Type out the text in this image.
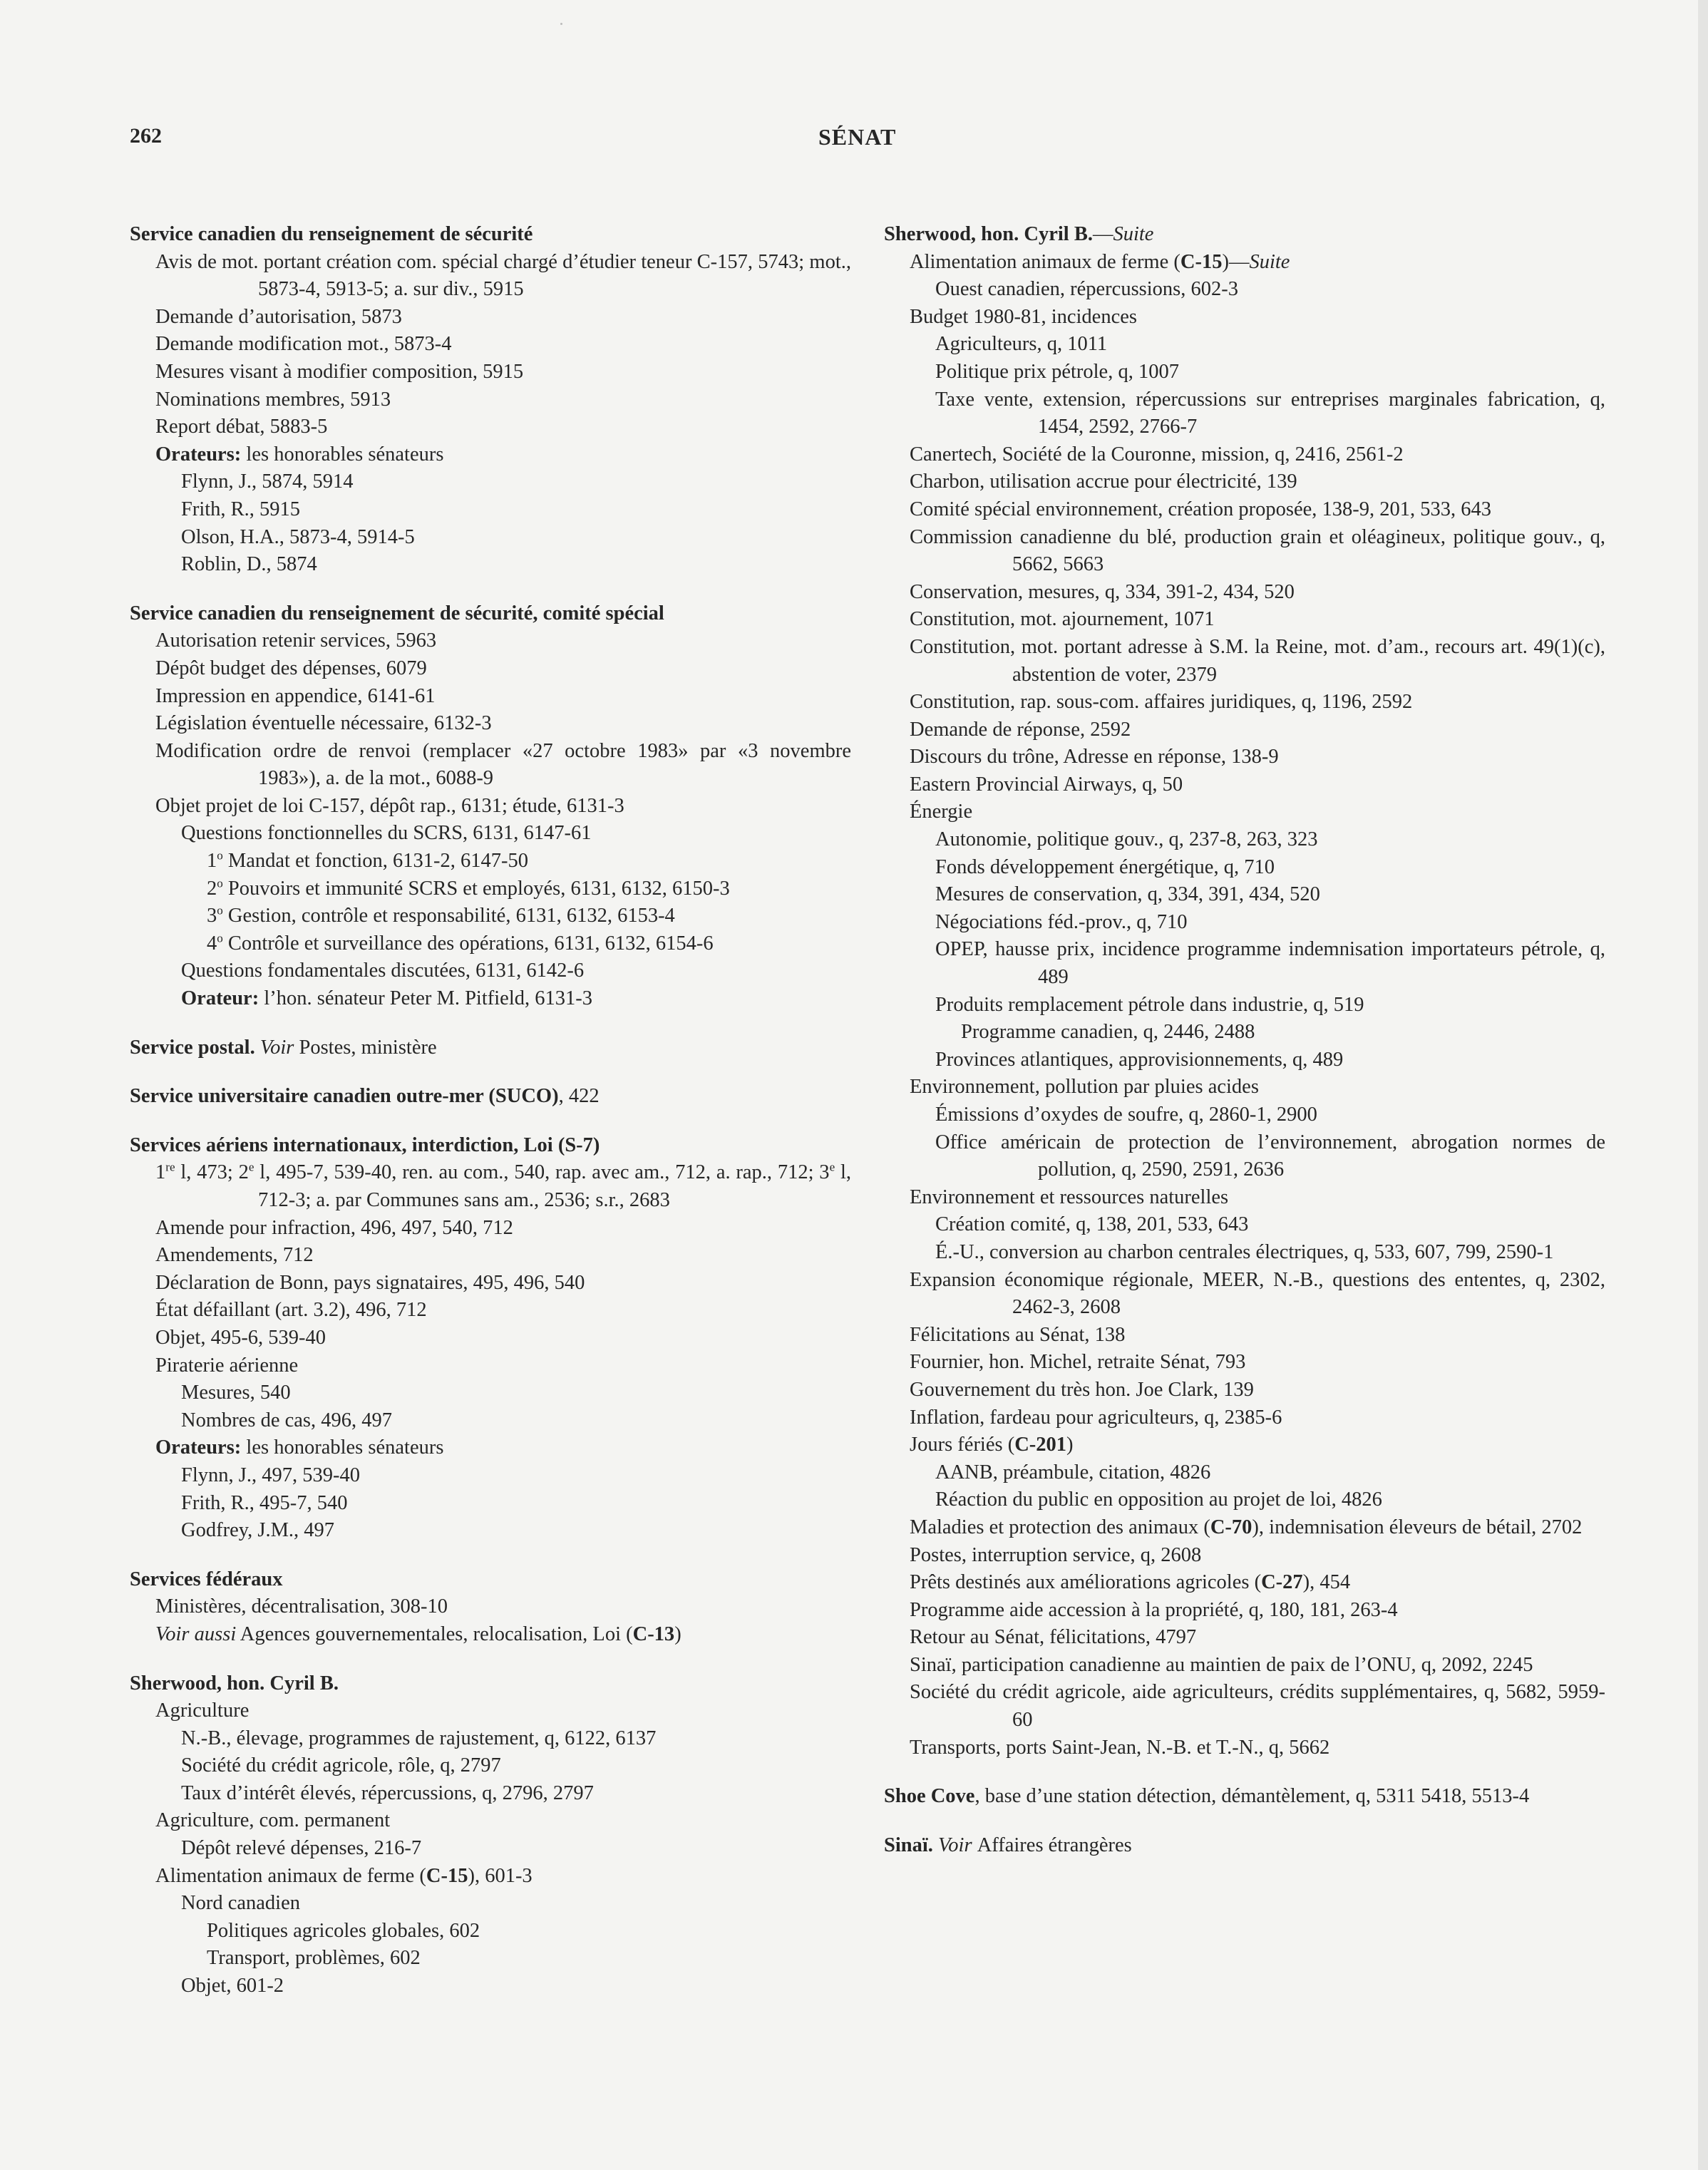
262	SÉNAT
Service canadien du renseignement de sécurité
Avis de mot. portant création com. spécial chargé d’étudier teneur C-157, 5743; mot., 5873-4, 5913-5; a. sur div., 5915
Demande d’autorisation, 5873
Demande modification mot., 5873-4
Mesures visant à modifier composition, 5915
Nominations membres, 5913
Report débat, 5883-5
Orateurs: les honorables sénateurs
Flynn, J., 5874, 5914
Frith, R., 5915
Olson, H.A., 5873-4, 5914-5
Roblin, D., 5874
Service canadien du renseignement de sécurité, comité spécial
Autorisation retenir services, 5963
Dépôt budget des dépenses, 6079
Impression en appendice, 6141-61
Législation éventuelle nécessaire, 6132-3
Modification ordre de renvoi (remplacer «27 octobre 1983» par «3 novembre 1983»), a. de la mot., 6088-9
Objet projet de loi C-157, dépôt rap., 6131; étude, 6131-3
Questions fonctionnelles du SCRS, 6131, 6147-61
1$^o$ Mandat et fonction, 6131-2, 6147-50
2$^o$ Pouvoirs et immunité SCRS et employés, 6131, 6132, 6150-3
3$^o$ Gestion, contrôle et responsabilité, 6131, 6132, 6153-4
4$^o$ Contrôle et surveillance des opérations, 6131, 6132, 6154-6
Questions fondamentales discutées, 6131, 6142-6
Orateur: l’hon. sénateur Peter M. Pitfield, 6131-3
Service postal. Voir Postes, ministère
Service universitaire canadien outre-mer (SUCO), 422
Services aériens internationaux, interdiction, Loi (S-7)
1re l, 473; 2e l, 495-7, 539-40, ren. au com., 540, rap. avec am., 712, a. rap., 712; 3e l, 712-3; a. par Communes sans am., 2536; s.r., 2683
Amende pour infraction, 496, 497, 540, 712
Amendements, 712
Déclaration de Bonn, pays signataires, 495, 496, 540
État défaillant (art. 3.2), 496, 712
Objet, 495-6, 539-40
Piraterie aérienne
Mesures, 540
Nombres de cas, 496, 497
Orateurs: les honorables sénateurs
Flynn, J., 497, 539-40
Frith, R., 495-7, 540
Godfrey, J.M., 497
Services fédéraux
Ministères, décentralisation, 308-10
Voir aussi Agences gouvernementales, relocalisation, Loi (C-13)
Sherwood, hon. Cyril B.
Agriculture
N.-B., élevage, programmes de rajustement, q, 6122, 6137
Société du crédit agricole, rôle, q, 2797
Taux d’intérêt élevés, répercussions, q, 2796, 2797
Agriculture, com. permanent
Dépôt relevé dépenses, 216-7
Alimentation animaux de ferme (C-15), 601-3
Nord canadien
Politiques agricoles globales, 602
Transport, problèmes, 602
Objet, 601-2
Sherwood, hon. Cyril B.—Suite
Alimentation animaux de ferme (C-15)—Suite
Ouest canadien, répercussions, 602-3
Budget 1980-81, incidences
Agriculteurs, q, 1011
Politique prix pétrole, q, 1007
Taxe vente, extension, répercussions sur entreprises marginales fabrication, q, 1454, 2592, 2766-7
Canertech, Société de la Couronne, mission, q, 2416, 2561-2
Charbon, utilisation accrue pour électricité, 139
Comité spécial environnement, création proposée, 138-9, 201, 533, 643
Commission canadienne du blé, production grain et oléagineux, politique gouv., q, 5662, 5663
Conservation, mesures, q, 334, 391-2, 434, 520
Constitution, mot. ajournement, 1071
Constitution, mot. portant adresse à S.M. la Reine, mot. d’am., recours art. 49(1)(c), abstention de voter, 2379
Constitution, rap. sous-com. affaires juridiques, q, 1196, 2592
Demande de réponse, 2592
Discours du trône, Adresse en réponse, 138-9
Eastern Provincial Airways, q, 50
Énergie
Autonomie, politique gouv., q, 237-8, 263, 323
Fonds développement énergétique, q, 710
Mesures de conservation, q, 334, 391, 434, 520
Négociations féd.-prov., q, 710
OPEP, hausse prix, incidence programme indemnisation importateurs pétrole, q, 489
Produits remplacement pétrole dans industrie, q, 519
Programme canadien, q, 2446, 2488
Provinces atlantiques, approvisionnements, q, 489
Environnement, pollution par pluies acides
Émissions d’oxydes de soufre, q, 2860-1, 2900
Office américain de protection de l’environnement, abrogation normes de pollution, q, 2590, 2591, 2636
Environnement et ressources naturelles
Création comité, q, 138, 201, 533, 643
É.-U., conversion au charbon centrales électriques, q, 533, 607, 799, 2590-1
Expansion économique régionale, MEER, N.-B., questions des ententes, q, 2302, 2462-3, 2608
Félicitations au Sénat, 138
Fournier, hon. Michel, retraite Sénat, 793
Gouvernement du très hon. Joe Clark, 139
Inflation, fardeau pour agriculteurs, q, 2385-6
Jours fériés (C-201)
AANB, préambule, citation, 4826
Réaction du public en opposition au projet de loi, 4826
Maladies et protection des animaux (C-70), indemnisation éleveurs de bétail, 2702
Postes, interruption service, q, 2608
Prêts destinés aux améliorations agricoles (C-27), 454
Programme aide accession à la propriété, q, 180, 181, 263-4
Retour au Sénat, félicitations, 4797
Sinaï, participation canadienne au maintien de paix de l’ONU, q, 2092, 2245
Société du crédit agricole, aide agriculteurs, crédits supplémentaires, q, 5682, 5959-60
Transports, ports Saint-Jean, N.-B. et T.-N., q, 5662
Shoe Cove, base d’une station détection, démantèlement, q, 5311 5418, 5513-4
Sinaï. Voir Affaires étrangères
